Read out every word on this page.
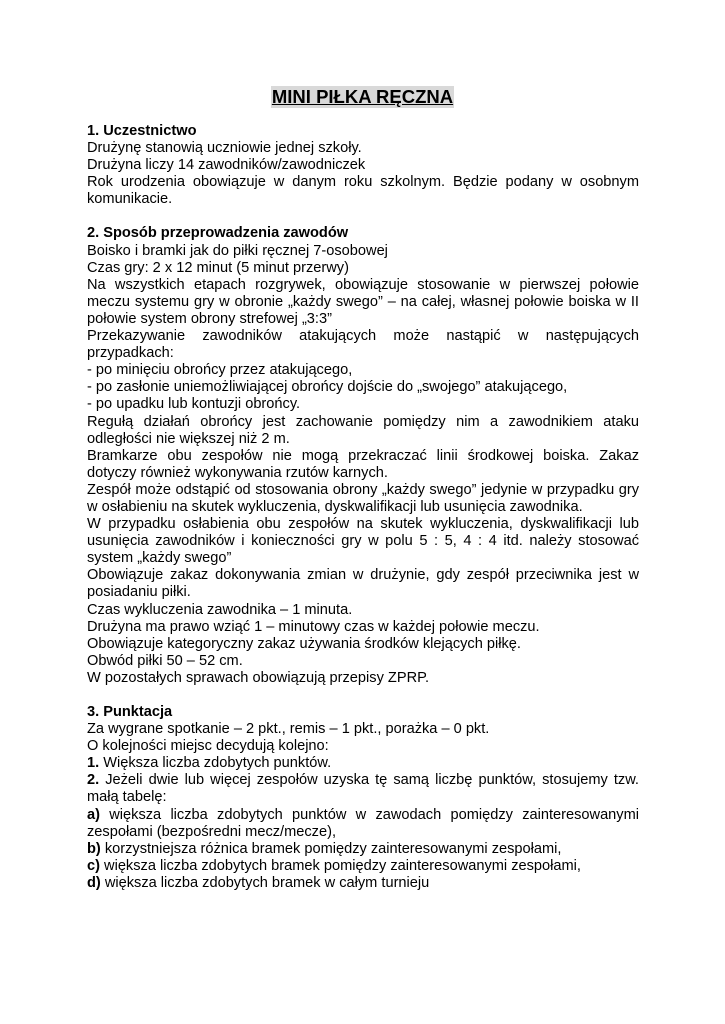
MINI PIŁKA RĘCZNA

1. Uczestnictwo

Drużynę stanowią uczniowie jednej szkoły.

Drużyna liczy 14 zawodników/zawodniczek

Rok urodzenia obowiązuje w danym roku szkolnym. Będzie podany w osobnym komunikacie.

2. Sposób przeprowadzenia zawodów

Boisko i bramki jak do piłki ręcznej 7-osobowej

Czas gry: 2 x 12 minut (5 minut przerwy)

Na wszystkich etapach rozgrywek, obowiązuje stosowanie w pierwszej połowie meczu systemu gry w obronie „każdy swego” – na całej, własnej połowie boiska w II połowie system obrony strefowej „3:3”

Przekazywanie zawodników atakujących może nastąpić w następujących przypadkach:

- po minięciu obrońcy przez atakującego,

- po zasłonie uniemożliwiającej obrońcy dojście do „swojego” atakującego,

- po upadku lub kontuzji obrońcy.

Regułą działań obrońcy jest zachowanie pomiędzy nim a zawodnikiem ataku odległości nie większej niż 2 m.

Bramkarze obu zespołów nie mogą przekraczać linii środkowej boiska. Zakaz dotyczy również wykonywania rzutów karnych.

Zespół może odstąpić od stosowania obrony „każdy swego” jedynie w przypadku gry w osłabieniu na skutek wykluczenia, dyskwalifikacji lub usunięcia zawodnika.

W przypadku osłabienia obu zespołów na skutek wykluczenia, dyskwalifikacji lub usunięcia zawodników i konieczności gry w polu 5 : 5, 4 : 4 itd. należy stosować system „każdy swego”

Obowiązuje zakaz dokonywania zmian w drużynie, gdy zespół przeciwnika jest w posiadaniu piłki.

Czas wykluczenia zawodnika – 1 minuta.

Drużyna ma prawo wziąć 1 – minutowy czas w każdej połowie meczu.

Obowiązuje kategoryczny zakaz używania środków klejących piłkę.

Obwód piłki 50 – 52 cm.

W pozostałych sprawach obowiązują przepisy ZPRP.

3. Punktacja

Za wygrane spotkanie – 2 pkt., remis – 1 pkt., porażka – 0 pkt.

O kolejności miejsc decydują kolejno:

1. Większa liczba zdobytych punktów.

2. Jeżeli dwie lub więcej zespołów uzyska tę samą liczbę punktów, stosujemy tzw. małą tabelę:

a) większa liczba zdobytych punktów w zawodach pomiędzy zainteresowanymi zespołami (bezpośredni mecz/mecze),

b) korzystniejsza różnica bramek pomiędzy zainteresowanymi zespołami,

c) większa liczba zdobytych bramek pomiędzy zainteresowanymi zespołami,

d) większa liczba zdobytych bramek w całym turnieju
